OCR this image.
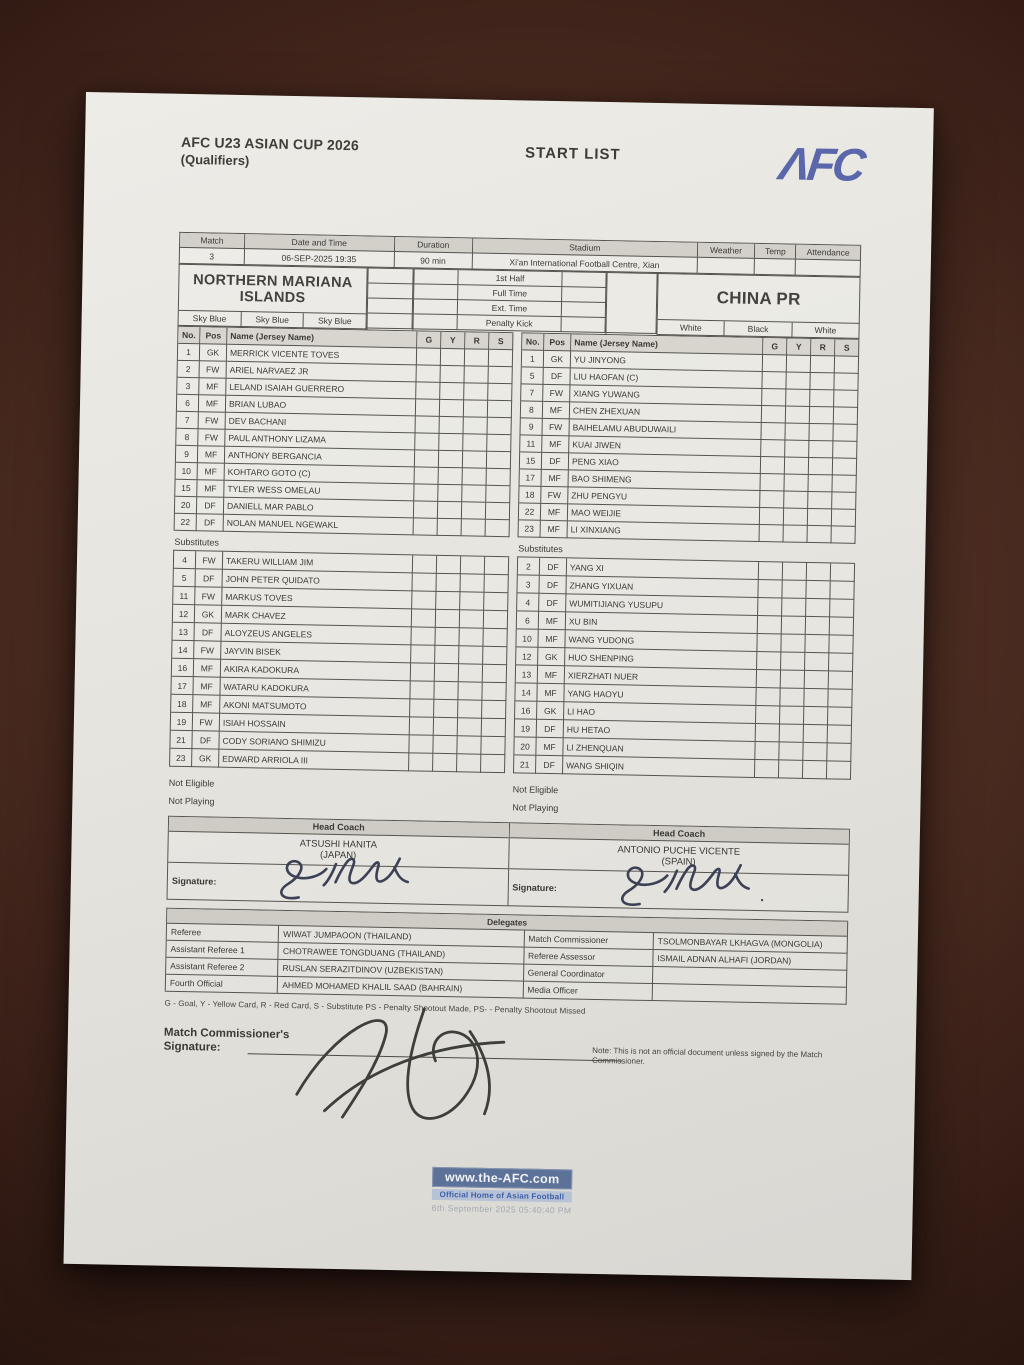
AFC U23 ASIAN CUP 2026
(Qualifiers)	START LIST	ΛFC
Match	Date and Time	Duration	Stadium	Weather	Temp	Attendance
3	06-SEP-2025 19:35	90 min	Xi'an International Football Centre, Xian
NORTHERN MARIANA ISLANDS
Sky Blue	Sky Blue	Sky Blue
1st Half
Full Time
Ext. Time
Penalty Kick
CHINA PR
White	Black	White
No.	Pos	Name (Jersey Name)	G	Y	R	S
1	GK	MERRICK VICENTE TOVES
2	FW	ARIEL NARVAEZ JR
3	MF	LELAND ISAIAH GUERRERO
6	MF	BRIAN LUBAO
7	FW	DEV BACHANI
8	FW	PAUL ANTHONY LIZAMA
9	MF	ANTHONY BERGANCIA
10	MF	KOHTARO GOTO (C)
15	MF	TYLER WESS OMELAU
20	DF	DANIELL MAR PABLO
22	DF	NOLAN MANUEL NGEWAKL
Substitutes
4	FW	TAKERU WILLIAM JIM
5	DF	JOHN PETER QUIDATO
11	FW	MARKUS TOVES
12	GK	MARK CHAVEZ
13	DF	ALOYZEUS ANGELES
14	FW	JAYVIN BISEK
16	MF	AKIRA KADOKURA
17	MF	WATARU KADOKURA
18	MF	AKONI MATSUMOTO
19	FW	ISIAH HOSSAIN
21	DF	CODY SORIANO SHIMIZU
23	GK	EDWARD ARRIOLA III
Not Eligible
Not Playing
No.	Pos	Name (Jersey Name)	G	Y	R	S
1	GK	YU JINYONG
5	DF	LIU HAOFAN (C)
7	FW	XIANG YUWANG
8	MF	CHEN ZHEXUAN
9	FW	BAIHELAMU ABUDUWAILI
11	MF	KUAI JIWEN
15	DF	PENG XIAO
17	MF	BAO SHIMENG
18	FW	ZHU PENGYU
22	MF	MAO WEIJIE
23	MF	LI XINXIANG
Substitutes
2	DF	YANG XI
3	DF	ZHANG YIXUAN
4	DF	WUMITIJIANG YUSUPU
6	MF	XU BIN
10	MF	WANG YUDONG
12	GK	HUO SHENPING
13	MF	XIERZHATI NUER
14	MF	YANG HAOYU
16	GK	LI HAO
19	DF	HU HETAO
20	MF	LI ZHENQUAN
21	DF	WANG SHIQIN
Not Eligible
Not Playing
Head Coach
ATSUSHI HANITA
(JAPAN)
Signature:
Head Coach
ANTONIO PUCHE VICENTE
(SPAIN)
Signature:
.
Delegates
Referee	WIWAT JUMPAOON (THAILAND)	Match Commissioner	TSOLMONBAYAR LKHAGVA (MONGOLIA)
Assistant Referee 1	CHOTRAWEE TONGDUANG (THAILAND)	Referee Assessor	ISMAIL ADNAN ALHAFI (JORDAN)
Assistant Referee 2	RUSLAN SERAZITDINOV (UZBEKISTAN)	General Coordinator
Fourth Official	AHMED MOHAMED KHALIL SAAD (BAHRAIN)	Media Officer
G - Goal, Y - Yellow Card, R - Red Card, S - Substitute PS - Penalty Shootout Made, PS- - Penalty Shootout Missed
Match Commissioner's
Signature:	Note: This is not an official document unless signed by the Match Commissioner.
www.the-AFC.com
Official Home of Asian Football
6th September 2025 05:40:40 PM
